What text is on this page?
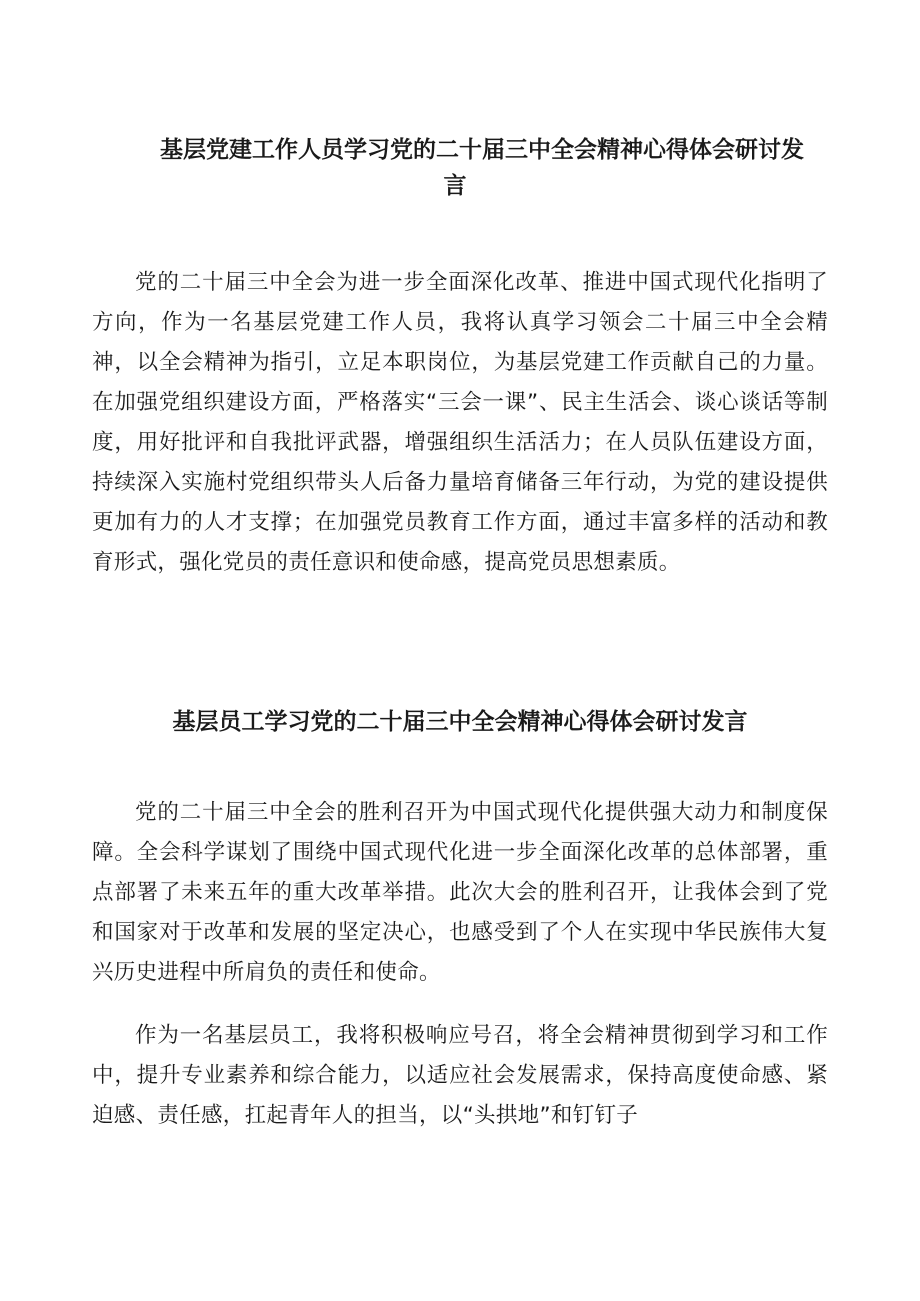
基层党建工作人员学习党的二十届三中全会精神心得体会研讨发

言

党的二十届三中全会为进一步全面深化改革、推进中国式现代化指明了方向，作为一名基层党建工作人员，我将认真学习领会二十届三中全会精神，以全会精神为指引，立足本职岗位，为基层党建工作贡献自己的力量。在加强党组织建设方面，严格落实“三会一课”、民主生活会、谈心谈话等制度，用好批评和自我批评武器，增强组织生活活力；在人员队伍建设方面，持续深入实施村党组织带头人后备力量培育储备三年行动，为党的建设提供更加有力的人才支撑；在加强党员教育工作方面，通过丰富多样的活动和教育形式，强化党员的责任意识和使命感，提高党员思想素质。

基层员工学习党的二十届三中全会精神心得体会研讨发言

党的二十届三中全会的胜利召开为中国式现代化提供强大动力和制度保障。全会科学谋划了围绕中国式现代化进一步全面深化改革的总体部署，重点部署了未来五年的重大改革举措。此次大会的胜利召开，让我体会到了党和国家对于改革和发展的坚定决心，也感受到了个人在实现中华民族伟大复兴历史进程中所肩负的责任和使命。

作为一名基层员工，我将积极响应号召，将全会精神贯彻到学习和工作中，提升专业素养和综合能力，以适应社会发展需求，保持高度使命感、紧迫感、责任感，扛起青年人的担当，以“头拱地”和钉钉子
